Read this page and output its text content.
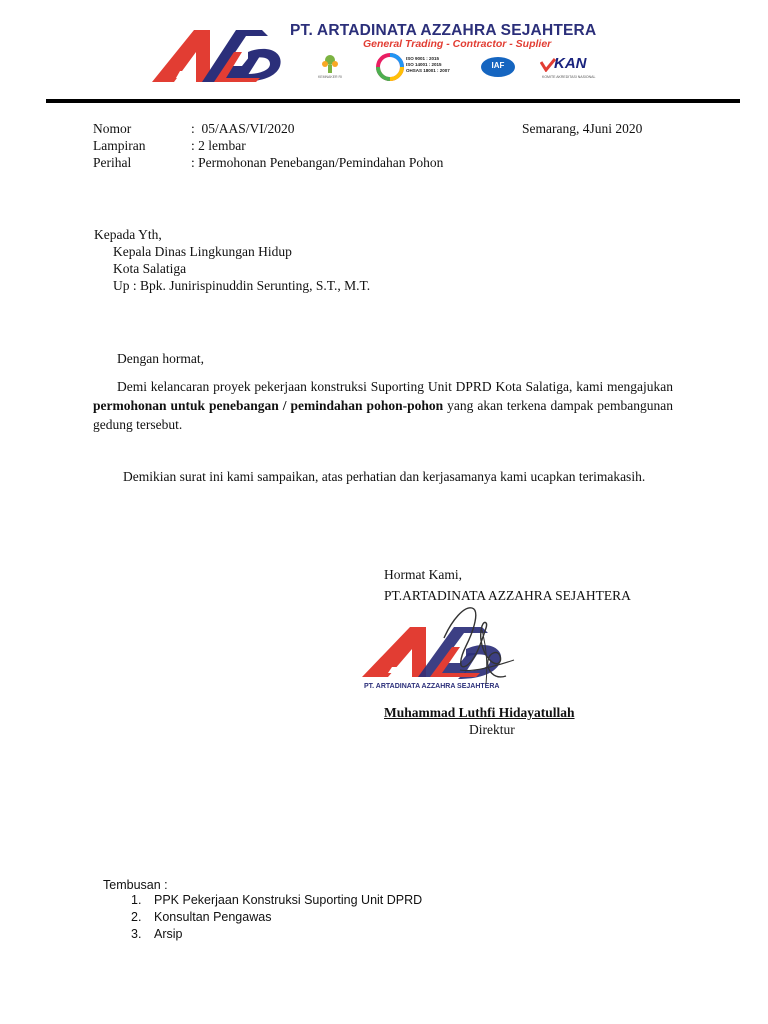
PT. ARTADINATA AZZAHRA SEJAHTERA
General Trading - Contractor - Suplier
KEMNAKER RI
ISO 9001 : 2015
ISO 14001 : 2015
OHSAS 18001 : 2007
IAF	KAN
KOMITE AKREDITASI NASIONAL
Nomor	:  05/AAS/VI/2020	Semarang, 4Juni 2020
Lampiran	: 2 lembar
Perihal	: Permohonan Penebangan/Pemindahan Pohon
Kepada Yth,
Kepala Dinas Lingkungan Hidup
Kota Salatiga
Up : Bpk. Junirispinuddin Serunting, S.T., M.T.
Dengan hormat,
Demi kelancaran proyek pekerjaan konstruksi Suporting Unit DPRD Kota Salatiga, kami mengajukan permohonan untuk penebangan / pemindahan pohon-pohon yang akan terkena dampak pembangunan gedung tersebut.
Demikian surat ini kami sampaikan, atas perhatian dan kerjasamanya kami ucapkan terimakasih.
Hormat Kami,
PT.ARTADINATA AZZAHRA SEJAHTERA
PT. ARTADINATA AZZAHRA SEJAHTERA
Muhammad Luthfi Hidayatullah
Direktur
Tembusan :
1. PPK Pekerjaan Konstruksi Suporting Unit DPRD
2. Konsultan Pengawas
3. Arsip
